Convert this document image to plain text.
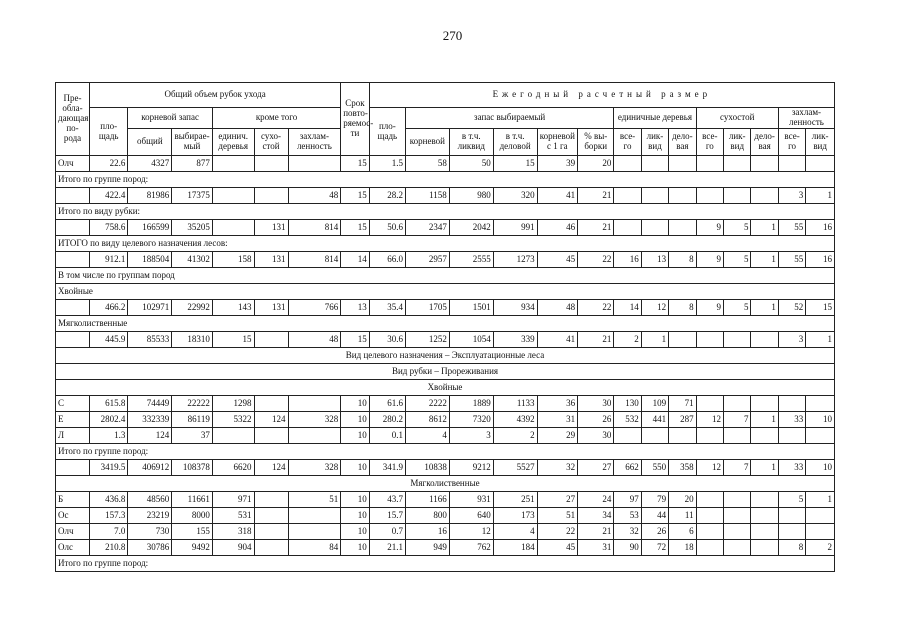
270
Пре-обла-дающая по-рода	Общий объем рубок ухода						Срок повто-ряемос-ти	Ежегодный расчетный размер													
	пло-щадь	корневой запас		кроме того				пло-щадь	запас выбираемый					единичные деревья			сухостой			захлам-ленность	
		общий	выбирае-мый	единич. деревья	сухо-стой	захлам-ленность			корневой	в т.ч. ликвид	в т.ч. деловой	корневой с 1 га	% вы-борки	все-го	лик-вид	дело-вая	все-го	лик-вид	дело-вая	все-го	лик-вид
Олч	22.6	4327	877				15	1.5	58	50	15	39	20								
Итого по группе пород:																					
	422.4	81986	17375			48	15	28.2	1158	980	320	41	21							3	1
Итого по виду рубки:																					
	758.6	166599	35205		131	814	15	50.6	2347	2042	991	46	21				9	5	1	55	16
ИТОГО по виду целевого назначения лесов:																					
	912.1	188504	41302	158	131	814	14	66.0	2957	2555	1273	45	22	16	13	8	9	5	1	55	16
В том числе по группам пород																					
Хвойные																					
	466.2	102971	22992	143	131	766	13	35.4	1705	1501	934	48	22	14	12	8	9	5	1	52	15
Мягколиственные																					
	445.9	85533	18310	15		48	15	30.6	1252	1054	339	41	21	2	1					3	1
Вид целевого назначения – Эксплуатационные леса																					
Вид рубки – Прореживания																					
Хвойные																					
С	615.8	74449	22222	1298			10	61.6	2222	1889	1133	36	30	130	109	71					
Е	2802.4	332339	86119	5322	124	328	10	280.2	8612	7320	4392	31	26	532	441	287	12	7	1	33	10
Л	1.3	124	37				10	0.1	4	3	2	29	30								
Итого по группе пород:																					
	3419.5	406912	108378	6620	124	328	10	341.9	10838	9212	5527	32	27	662	550	358	12	7	1	33	10
Мягколиственные																					
Б	436.8	48560	11661	971		51	10	43.7	1166	931	251	27	24	97	79	20				5	1
Ос	157.3	23219	8000	531			10	15.7	800	640	173	51	34	53	44	11					
Олч	7.0	730	155	318			10	0.7	16	12	4	22	21	32	26	6					
Олс	210.8	30786	9492	904		84	10	21.1	949	762	184	45	31	90	72	18				8	2
Итого по группе пород:																					
